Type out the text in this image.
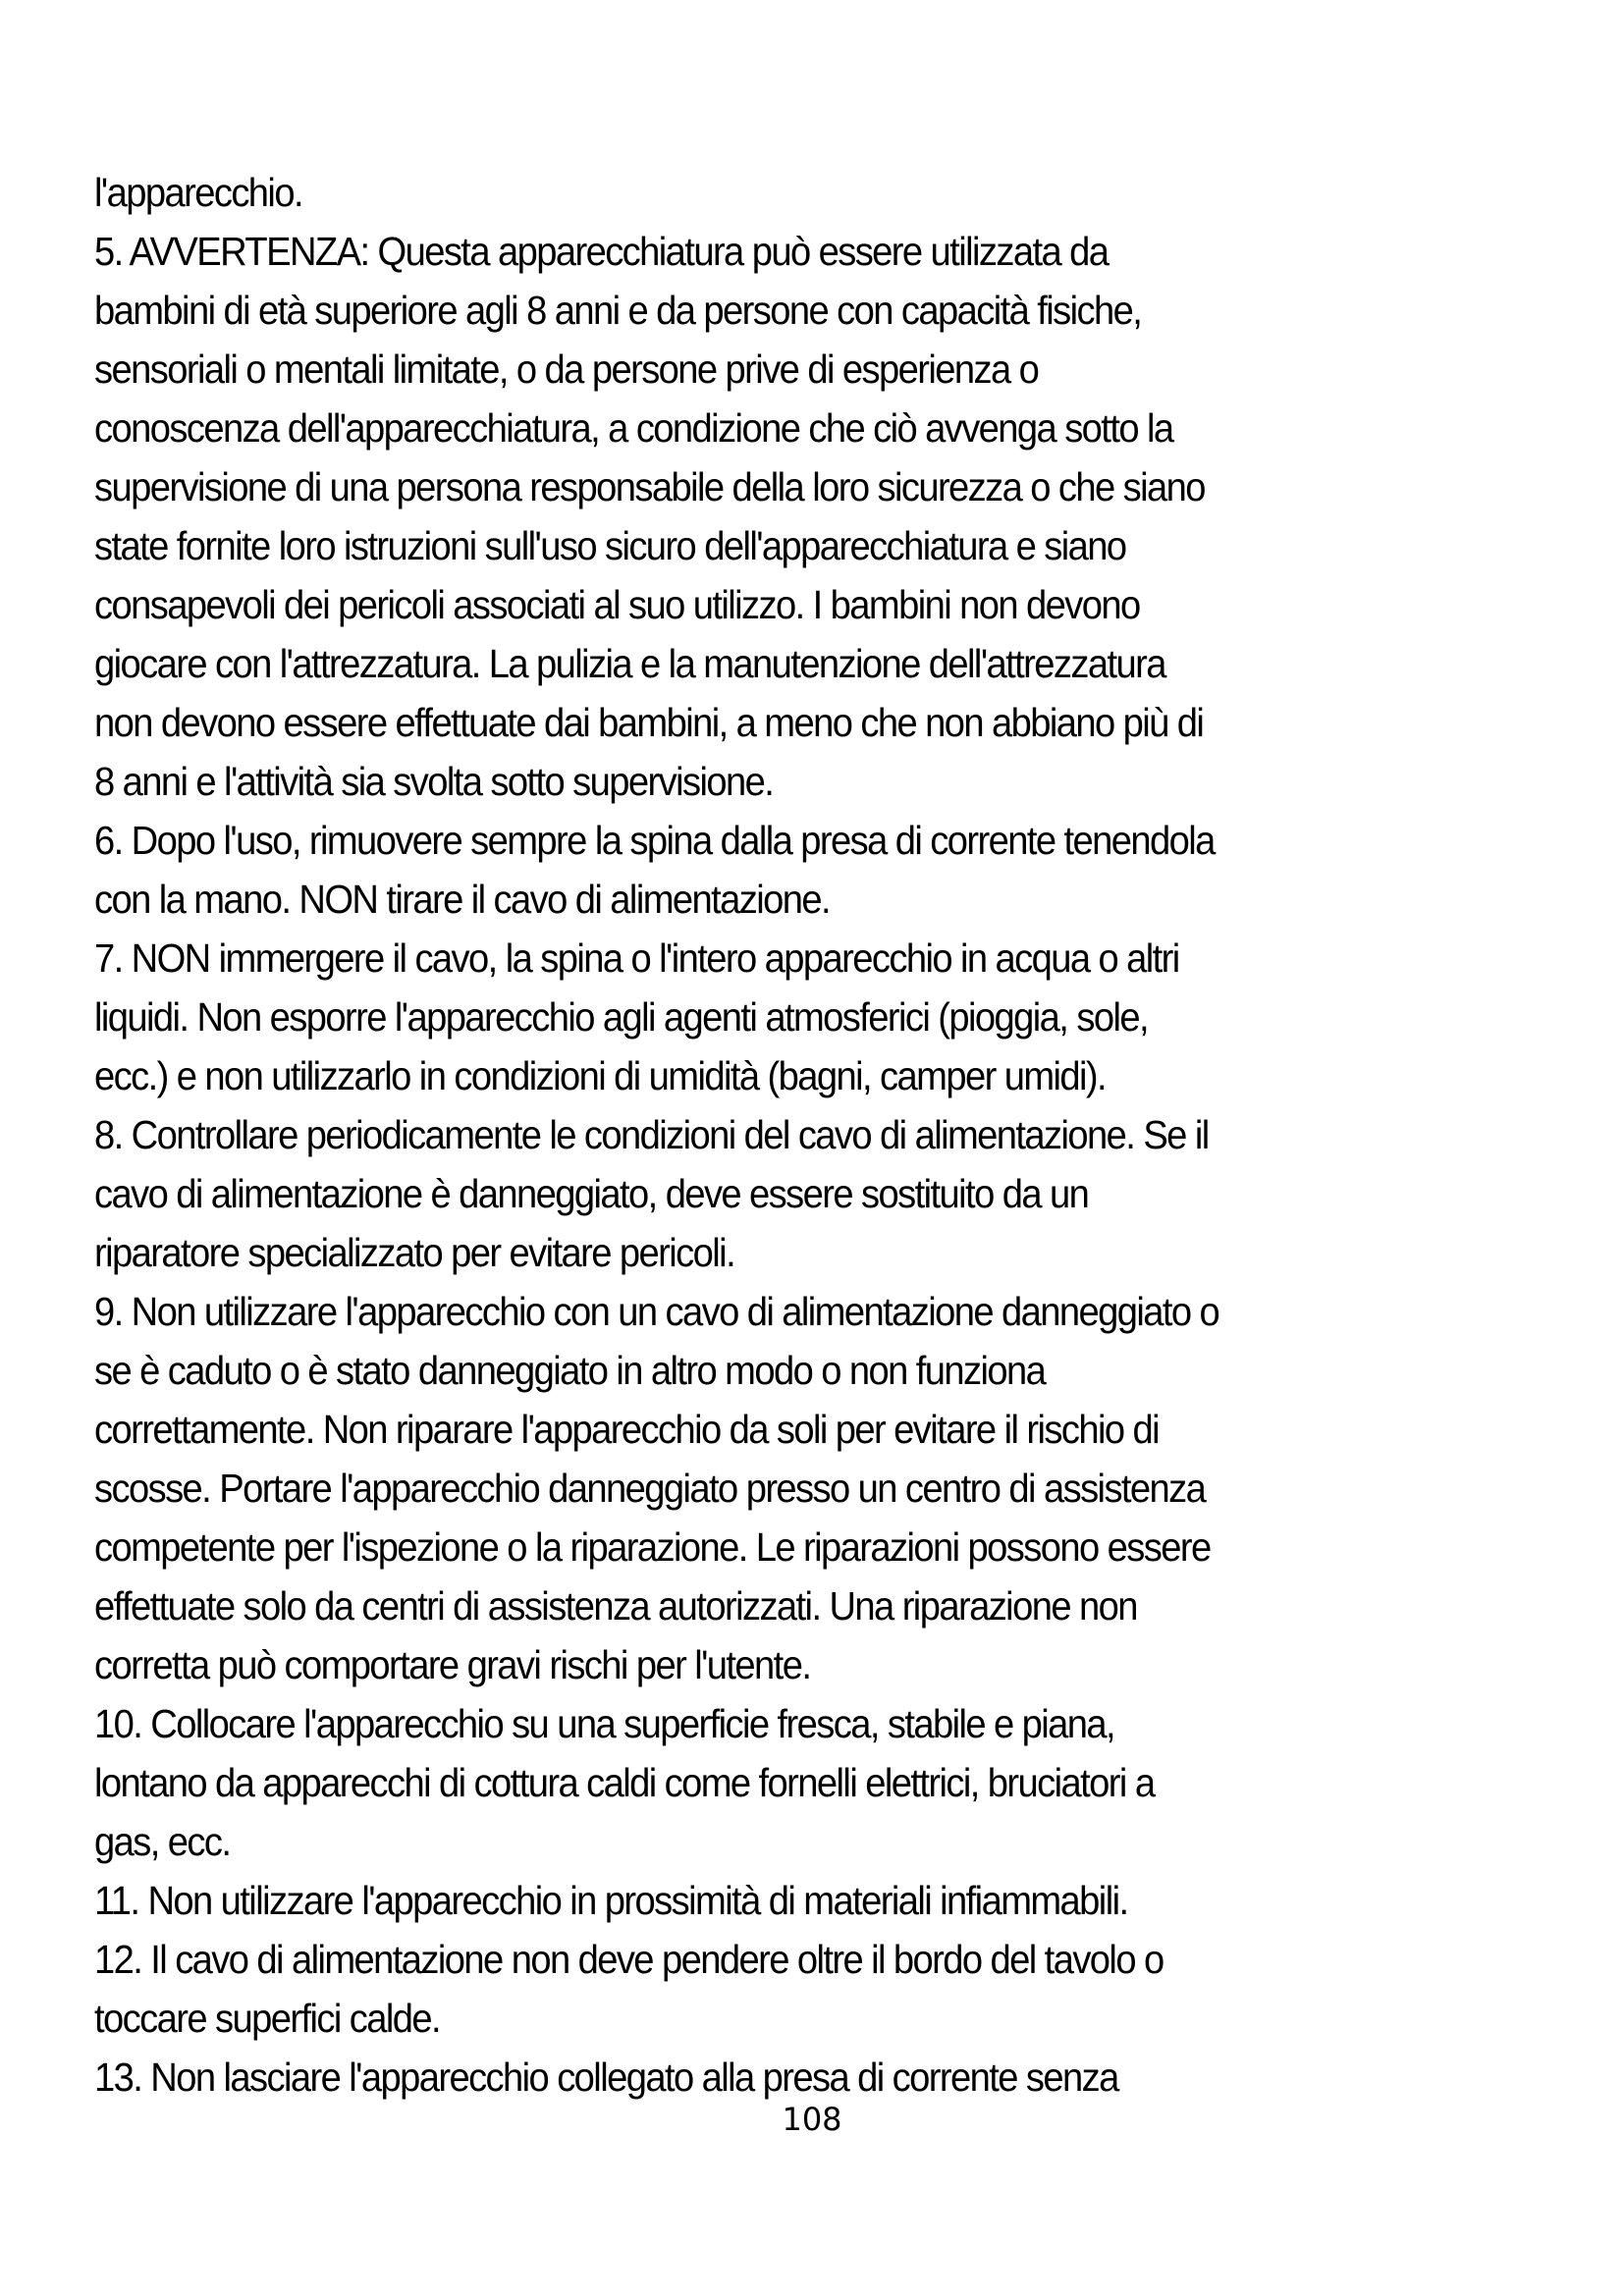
l'apparecchio.
5. AVVERTENZA: Questa apparecchiatura può essere utilizzata da
bambini di età superiore agli 8 anni e da persone con capacità fisiche,
sensoriali o mentali limitate, o da persone prive di esperienza o
conoscenza dell'apparecchiatura, a condizione che ciò avvenga sotto la
supervisione di una persona responsabile della loro sicurezza o che siano
state fornite loro istruzioni sull'uso sicuro dell'apparecchiatura e siano
consapevoli dei pericoli associati al suo utilizzo. I bambini non devono
giocare con l'attrezzatura. La pulizia e la manutenzione dell'attrezzatura
non devono essere effettuate dai bambini, a meno che non abbiano più di
8 anni e l'attività sia svolta sotto supervisione.
6. Dopo l'uso, rimuovere sempre la spina dalla presa di corrente tenendola
con la mano. NON tirare il cavo di alimentazione.
7. NON immergere il cavo, la spina o l'intero apparecchio in acqua o altri
liquidi. Non esporre l'apparecchio agli agenti atmosferici (pioggia, sole,
ecc.) e non utilizzarlo in condizioni di umidità (bagni, camper umidi).
8. Controllare periodicamente le condizioni del cavo di alimentazione. Se il
cavo di alimentazione è danneggiato, deve essere sostituito da un
riparatore specializzato per evitare pericoli.
9. Non utilizzare l'apparecchio con un cavo di alimentazione danneggiato o
se è caduto o è stato danneggiato in altro modo o non funziona
correttamente. Non riparare l'apparecchio da soli per evitare il rischio di
scosse. Portare l'apparecchio danneggiato presso un centro di assistenza
competente per l'ispezione o la riparazione. Le riparazioni possono essere
effettuate solo da centri di assistenza autorizzati. Una riparazione non
corretta può comportare gravi rischi per l'utente.
10. Collocare l'apparecchio su una superficie fresca, stabile e piana,
lontano da apparecchi di cottura caldi come fornelli elettrici, bruciatori a
gas, ecc.
11. Non utilizzare l'apparecchio in prossimità di materiali infiammabili.
12. Il cavo di alimentazione non deve pendere oltre il bordo del tavolo o
toccare superfici calde.
13. Non lasciare l'apparecchio collegato alla presa di corrente senza
108
